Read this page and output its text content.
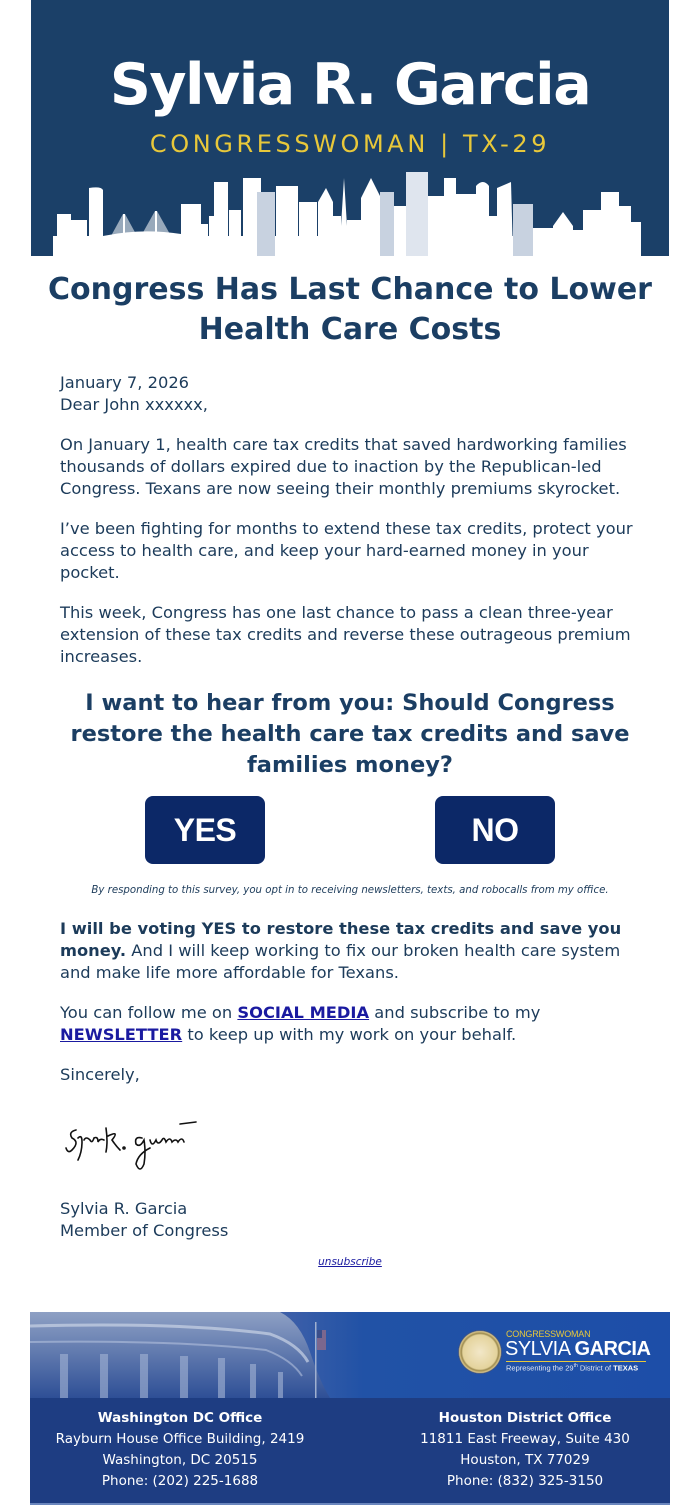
Sylvia R. Garcia
CONGRESSWOMAN | TX-29
Congress Has Last Chance to Lower Health Care Costs
January 7, 2026
Dear John xxxxxx,

On January 1, health care tax credits that saved hardworking families thousands of dollars expired due to inaction by the Republican-led Congress. Texans are now seeing their monthly premiums skyrocket.

I’ve been fighting for months to extend these tax credits, protect your access to health care, and keep your hard-earned money in your pocket.

This week, Congress has one last chance to pass a clean three-year extension of these tax credits and reverse these outrageous premium increases.

I want to hear from you: Should Congress restore the health care tax credits and save families money?
YES	NO
By responding to this survey, you opt in to receiving newsletters, texts, and robocalls from my office.

I will be voting YES to restore these tax credits and save you money. And I will keep working to fix our broken health care system and make life more affordable for Texans.

You can follow me on SOCIAL MEDIA and subscribe to my NEWSLETTER to keep up with my work on your behalf.

Sincerely,

Sylvia R. Garcia
Member of Congress
unsubscribe
CONGRESSWOMAN
SYLVIA GARCIA
Representing the 29th District of TEXAS
Washington DC Office
Rayburn House Office Building, 2419
Washington, DC 20515
Phone: (202) 225-1688
Houston District Office
11811 East Freeway, Suite 430
Houston, TX 77029
Phone: (832) 325-3150
